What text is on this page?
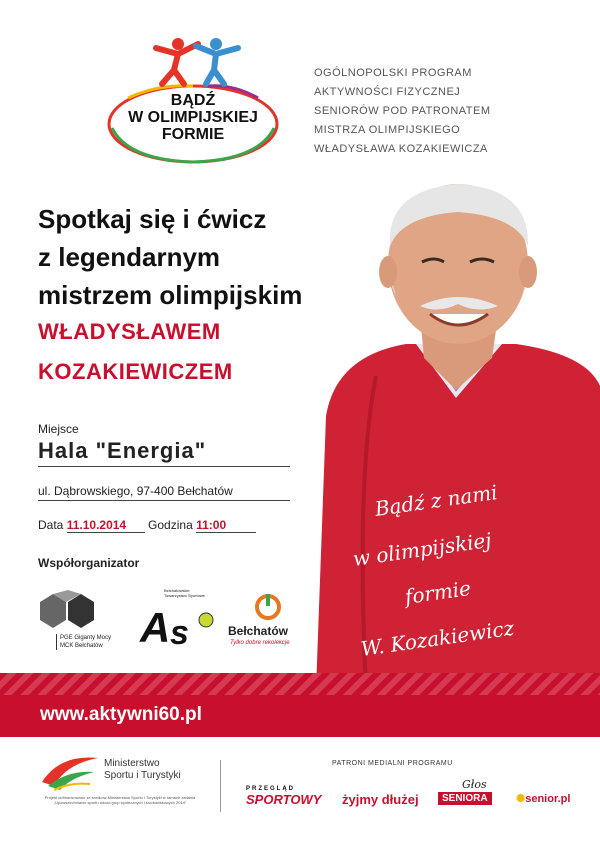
OGÓLNOPOLSKI PROGRAM
AKTYWNOŚCI FIZYCZNEJ
SENIORÓW POD PATRONATEM
MISTRZA OLIMPIJSKIEGO
WŁADYSŁAWA KOZAKIEWICZA
BĄDŹ
W OLIMPIJSKIEJ
FORMIE
Spotkaj się i ćwicz
z legendarnym
mistrzem olimpijskim
WŁADYSŁAWEM
KOZAKIEWICZEM
Bądź z nami
w olimpijskiej
formie
W. Kozakiewicz
Miejsce
Hala "Energia"
ul. Dąbrowskiego, 97-400 Bełchatów
Data 11.10.2014 Godzina 11:00
Współorganizator
PGE Giganty Mocy
MCK Bełchatów A s
Bełchatowskie Towarzystwo Sportowe
Bełchatów
Tylko dobre rekolekcje
www.aktywni60.pl
Ministerstwo
Sportu i Turystyki
Projekt dofinansowano ze środków Ministerstwa Sportu i Turystyki w ramach zadania „Upowszechnianie sportu wśród grup społecznych i środowiskowych 2014”
PATRONI MEDIALNI PROGRAMU
PRZEGLĄD
SPORTOWY	żyjmy dłużej
Głos
SENIORA	✺senior.pl
